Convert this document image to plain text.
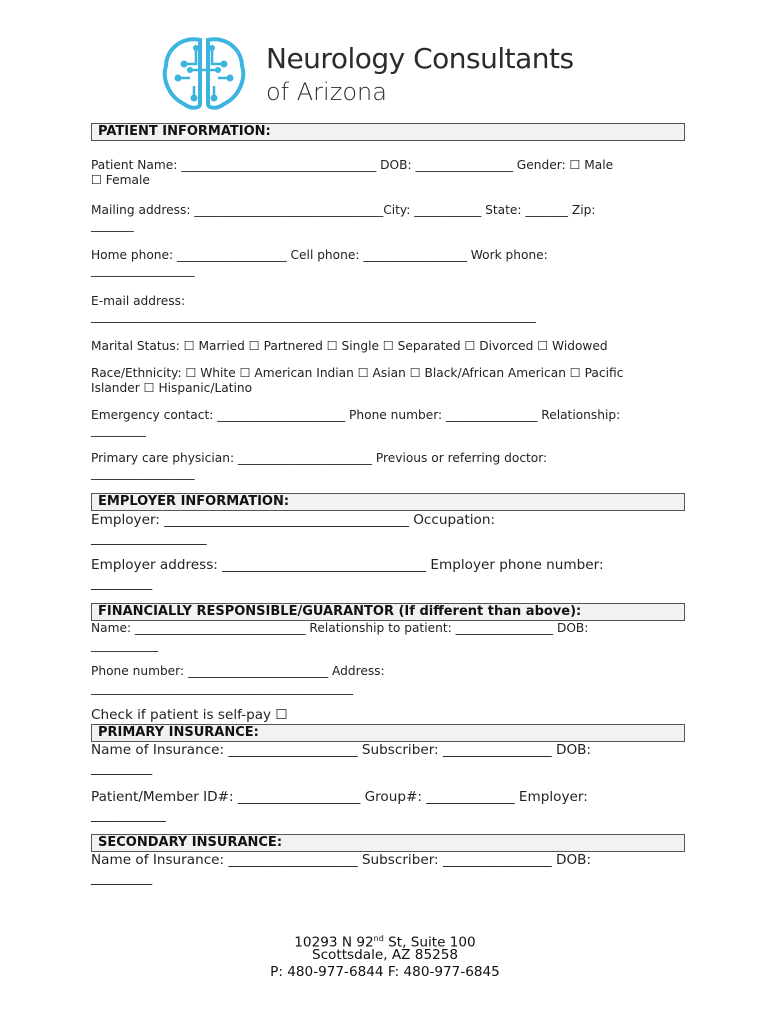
Neurology Consultants
of Arizona
PATIENT INFORMATION:
Patient Name: ________________________________ DOB: ________________ Gender: ☐ Male
☐ Female
Mailing address: _______________________________City: ___________ State: _______ Zip:
_______
Home phone: __________________ Cell phone: _________________ Work phone:
_________________
E-mail address:
_________________________________________________________________________
Marital Status: ☐ Married ☐ Partnered ☐ Single ☐ Separated ☐ Divorced ☐ Widowed
Race/Ethnicity: ☐ White ☐ American Indian ☐ Asian ☐ Black/African American ☐ Pacific
Islander ☐ Hispanic/Latino
Emergency contact: _____________________ Phone number: _______________ Relationship:
_________
Primary care physician: ______________________ Previous or referring doctor:
_________________
EMPLOYER INFORMATION:
Employer: ____________________________________ Occupation:
_________________
Employer address: ______________________________ Employer phone number:
_________
FINANCIALLY RESPONSIBLE/GUARANTOR (If different than above):
Name: ____________________________ Relationship to patient: ________________ DOB:
___________
Phone number: _______________________ Address:
___________________________________________
Check if patient is self-pay ☐
PRIMARY INSURANCE:
Name of Insurance: ___________________ Subscriber: ________________ DOB:
_________
Patient/Member ID#: __________________ Group#: _____________ Employer:
___________
SECONDARY INSURANCE:
Name of Insurance: ___________________ Subscriber: ________________ DOB:
_________
10293 N 92nd St, Suite 100
Scottsdale, AZ 85258
P: 480-977-6844 F: 480-977-6845
